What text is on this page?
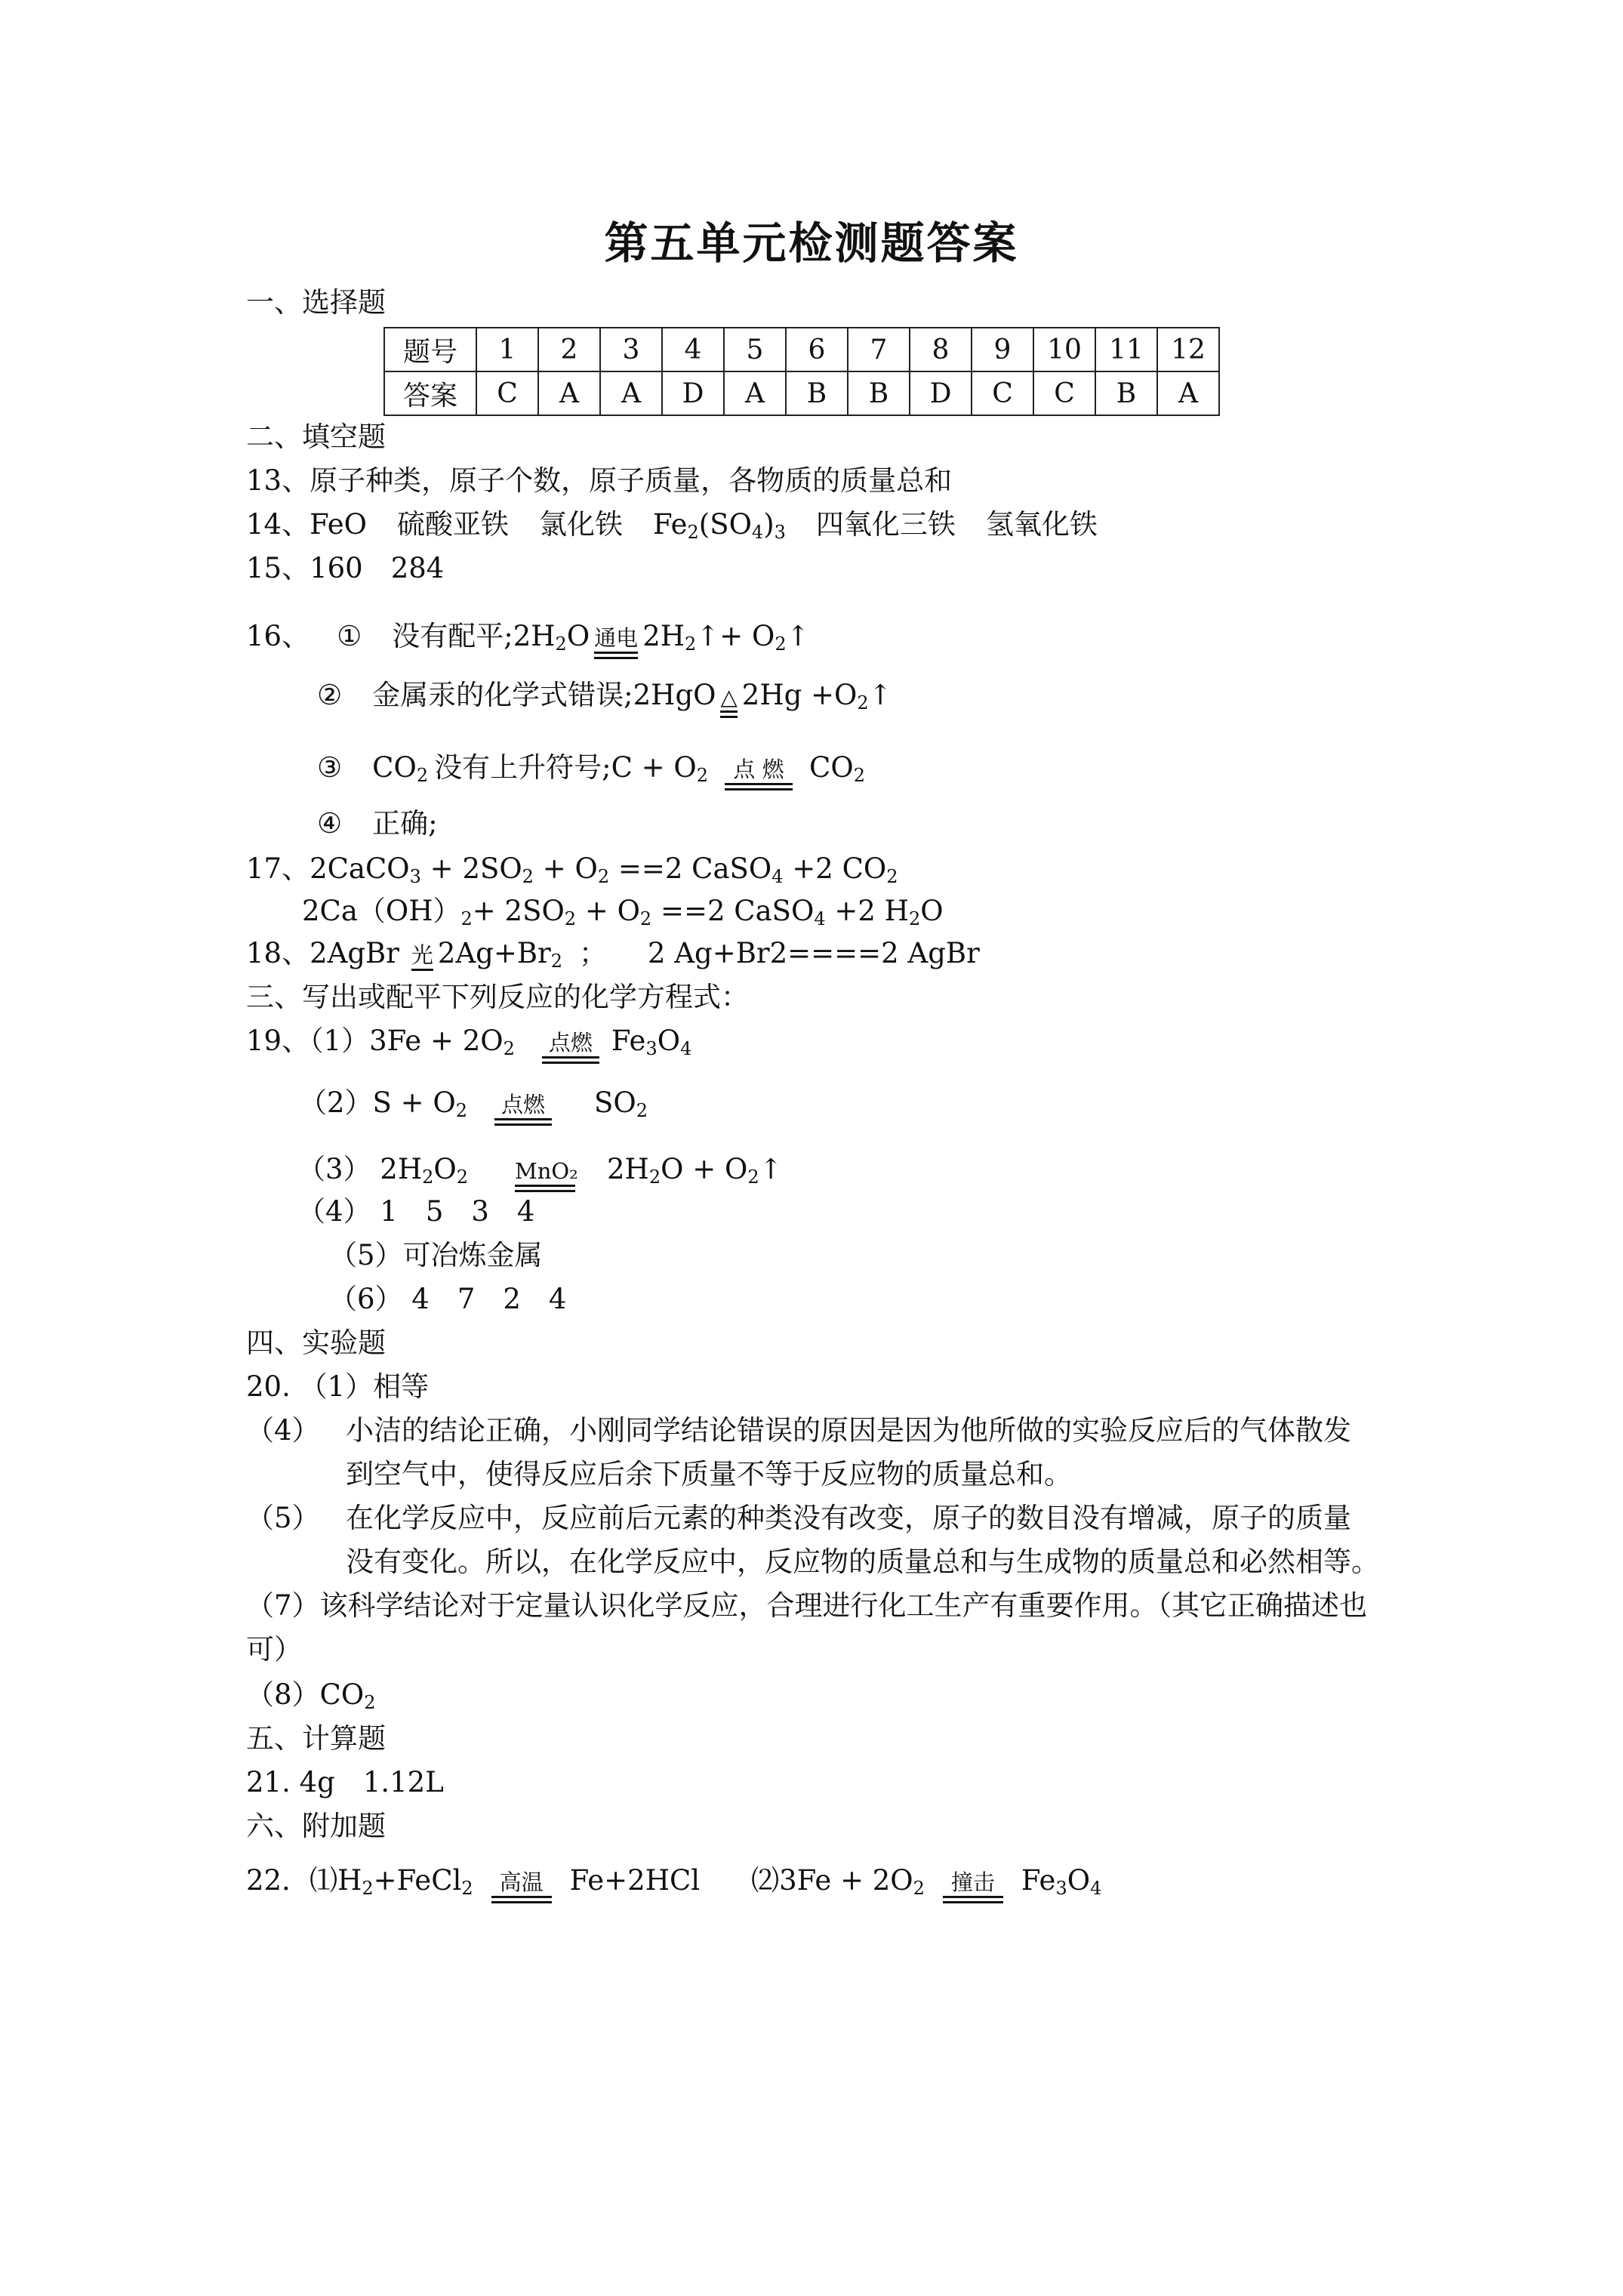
第五单元检测题答案
一、选择题
题号	1	2	3	4	5	6	7	8	9	10	11	12
答案	C	A	A	D	A	B	B	D	C	C	B	A
二、填空题
13、原子种类，原子个数，原子质量，各物质的质量总和
14、FeO 硫酸亚铁 氯化铁 $Fe_2(SO_4)_3$ 四氧化三铁 氢氧化铁
15、160　284
16、 ① 没有配平$;2H_2O$ 通电 $2H_2↑+$ $O_2↑$
② 金属汞的化学式错误;2HgO △ $2Hg +O_2↑$
③ $CO_2$ 没有上升符号;C + $O_2$	点 燃 $CO_2$
④ 正确;
17、2CaCO$_3$ + $2SO_2 + O_2 ==2$ CaSO$_4$ +2 $CO_2$
$2Ca(OH)_2+ 2SO_2 + O_2 ==2$ CaSO$_4$ +2 $H_2O$
18、2AgBr 光 $2Ag+Br_2$ ； 2 Ag+Br2====2 AgBr
三、写出或配平下列反应的化学方程式：
19、$(1)3Fe + 2O_2$	点燃 $Fe_3O_4$
$(2)S + O_2$	点燃 $SO_2$
（3） $2H_2O_2$ MnO₂ $2H_2O$ + $O_2↑$
（4） 1　5　3　4
（5）可冶炼金属
（6） 4　7　2　4
四、实验题
20. （1）相等
（4） 小洁的结论正确，小刚同学结论错误的原因是因为他所做的实验反应后的气体散发
到空气中，使得反应后余下质量不等于反应物的质量总和。
（5） 在化学反应中，反应前后元素的种类没有改变，原子的数目没有增减，原子的质量
没有变化。所以，在化学反应中，反应物的质量总和与生成物的质量总和必然相等。
（7）该科学结论对于定量认识化学反应，合理进行化工生产有重要作用。（其它正确描述也
可）
$(8)CO_2$
五、计算题
21. 4g　1.12L
六、附加题
22．$⑴H_2+FeCl_2$	高温 Fe+2HCl ⑵3Fe + $2O_2$	撞击 $Fe_3O_4$
